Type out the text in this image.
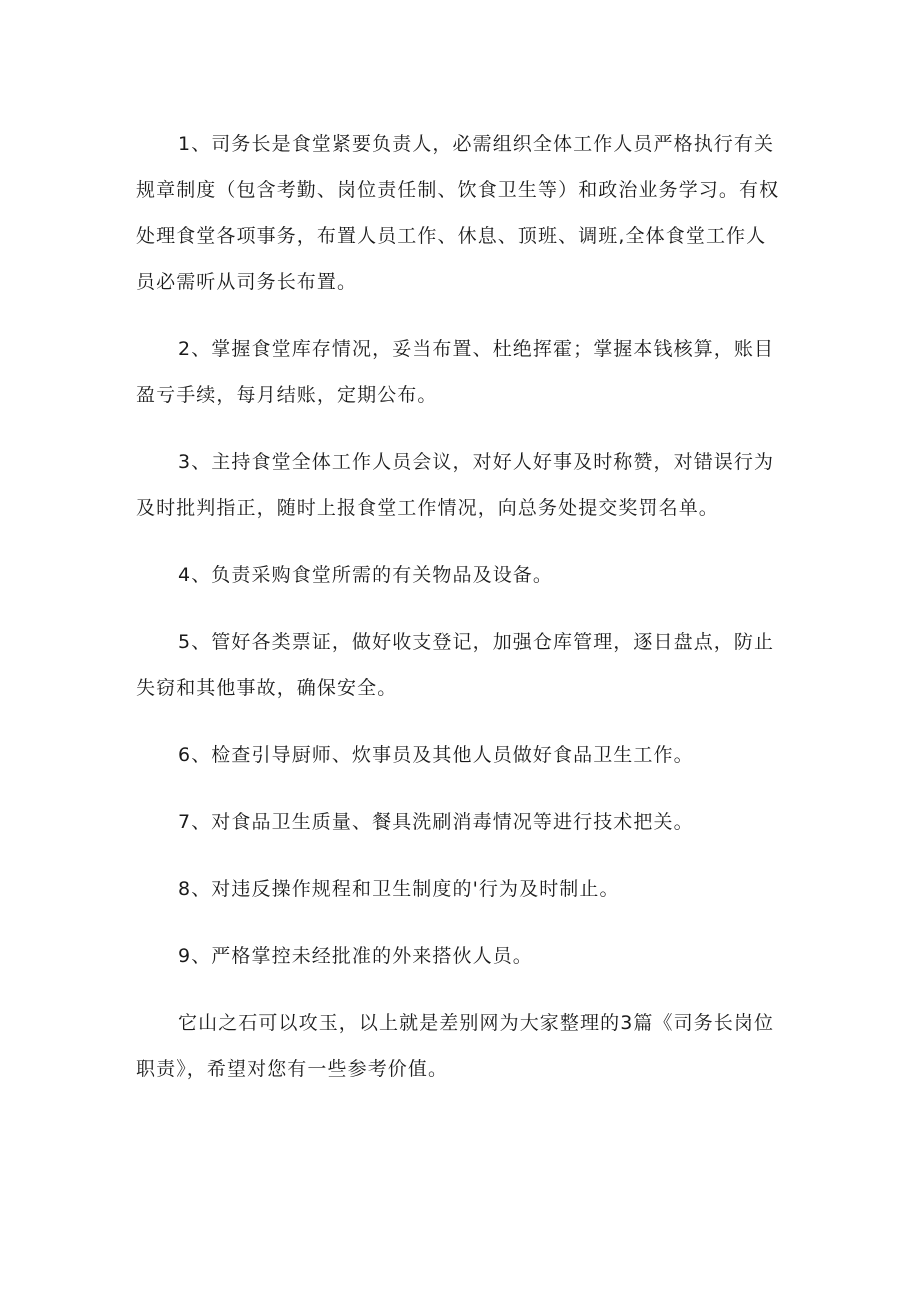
1、司务长是食堂紧要负责人，必需组织全体工作人员严格执行有关规章制度（包含考勤、岗位责任制、饮食卫生等）和政治业务学习。有权处理食堂各项事务，布置人员工作、休息、顶班、调班,全体食堂工作人员必需听从司务长布置。

2、掌握食堂库存情况，妥当布置、杜绝挥霍；掌握本钱核算，账目盈亏手续，每月结账，定期公布。

3、主持食堂全体工作人员会议，对好人好事及时称赞，对错误行为及时批判指正，随时上报食堂工作情况，向总务处提交奖罚名单。

4、负责采购食堂所需的有关物品及设备。

5、管好各类票证，做好收支登记，加强仓库管理，逐日盘点，防止失窃和其他事故，确保安全。

6、检查引导厨师、炊事员及其他人员做好食品卫生工作。

7、对食品卫生质量、餐具洗刷消毒情况等进行技术把关。

8、对违反操作规程和卫生制度的'行为及时制止。

9、严格掌控未经批准的外来搭伙人员。

它山之石可以攻玉，以上就是差别网为大家整理的3篇《司务长岗位职责》，希望对您有一些参考价值。
